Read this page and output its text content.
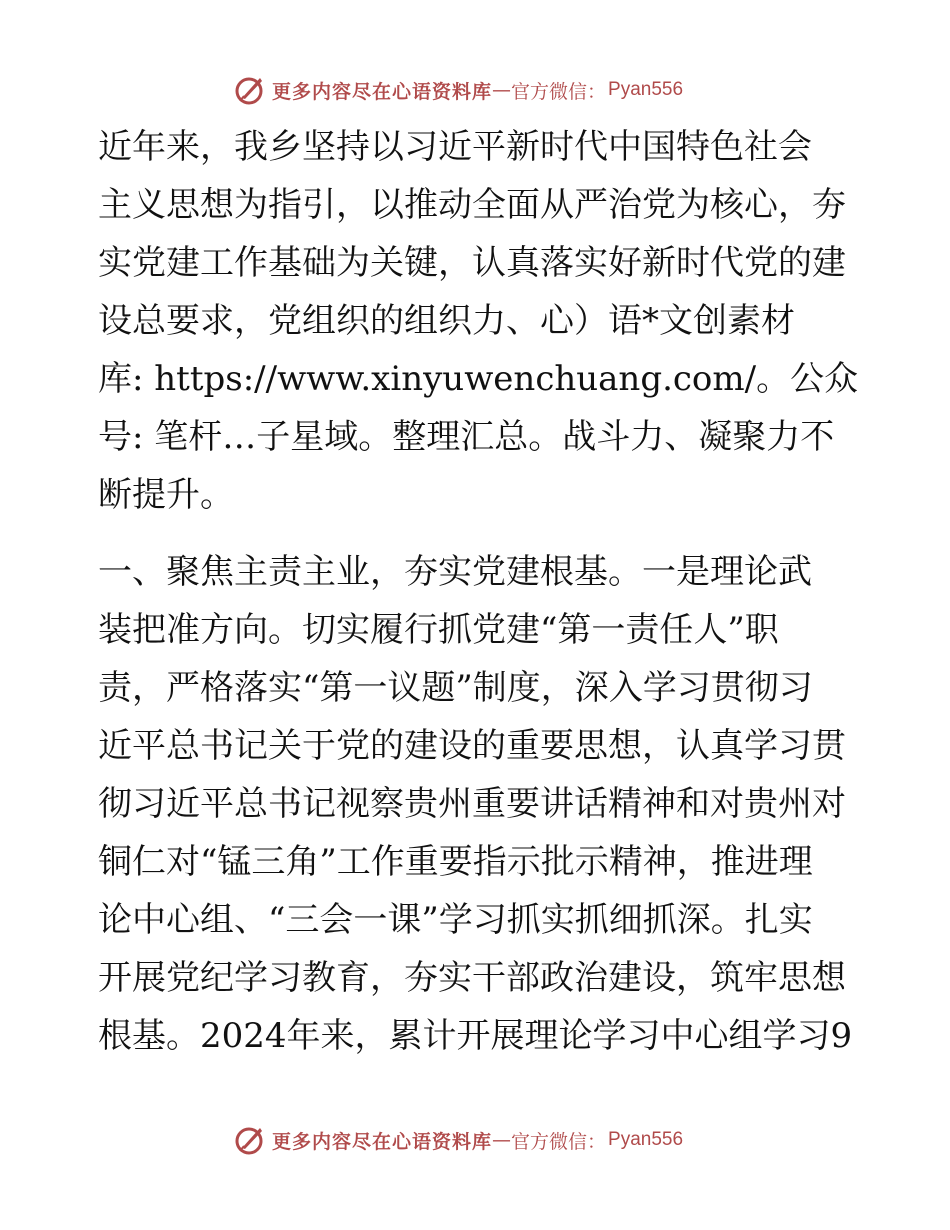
更多内容尽在心语资料库 — 官方微信： Pyan556
近年来，我乡坚持以习近平新时代中国特色社会
主义思想为指引，以推动全面从严治党为核心，夯
实党建工作基础为关键，认真落实好新时代党的建
设总要求，党组织的组织力、心）语*文创素材
库: https://www.xinyuwenchuang.com/。公众
号: 笔杆…子星域。整理汇总。战斗力、凝聚力不
断提升。
一、聚焦主责主业，夯实党建根基。一是理论武
装把准方向。切实履行抓党建“第一责任人”职
责，严格落实“第一议题”制度，深入学习贯彻习
近平总书记关于党的建设的重要思想，认真学习贯
彻习近平总书记视察贵州重要讲话精神和对贵州对
铜仁对“锰三角”工作重要指示批示精神，推进理
论中心组、“三会一课”学习抓实抓细抓深。扎实
开展党纪学习教育，夯实干部政治建设，筑牢思想
根基。2024年来，累计开展理论学习中心组学习9
更多内容尽在心语资料库 — 官方微信： Pyan556
